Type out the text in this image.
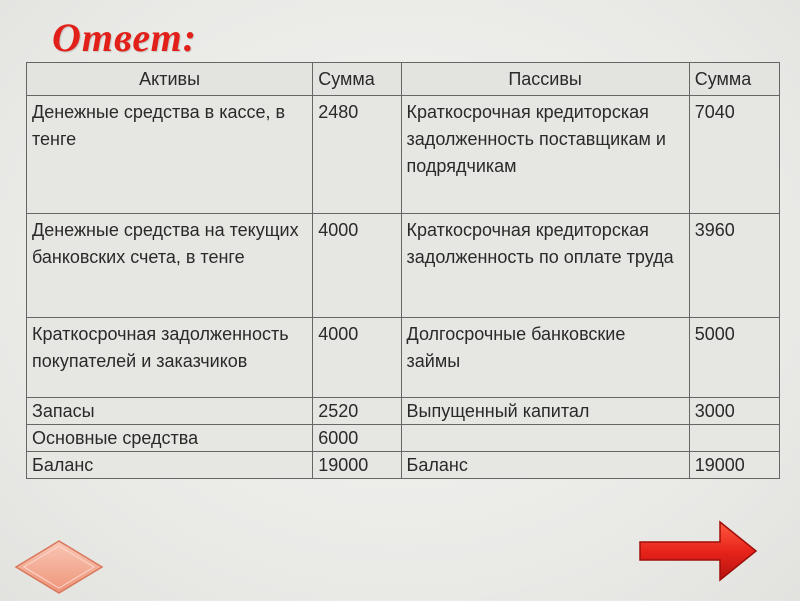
Ответ:
Активы	Сумма	Пассивы	Сумма
Денежные средства в кассе, в тенге	2480	Краткосрочная кредиторская задолженность поставщикам и подрядчикам	7040
Денежные средства на текущих банковских счета, в тенге	4000	Краткосрочная кредиторская задолженность по оплате труда	3960
Краткосрочная задолженность покупателей и заказчиков	4000	Долгосрочные банковские займы	5000
Запасы	2520	Выпущенный капитал	3000
Основные средства	6000		
Баланс	19000	Баланс	19000
